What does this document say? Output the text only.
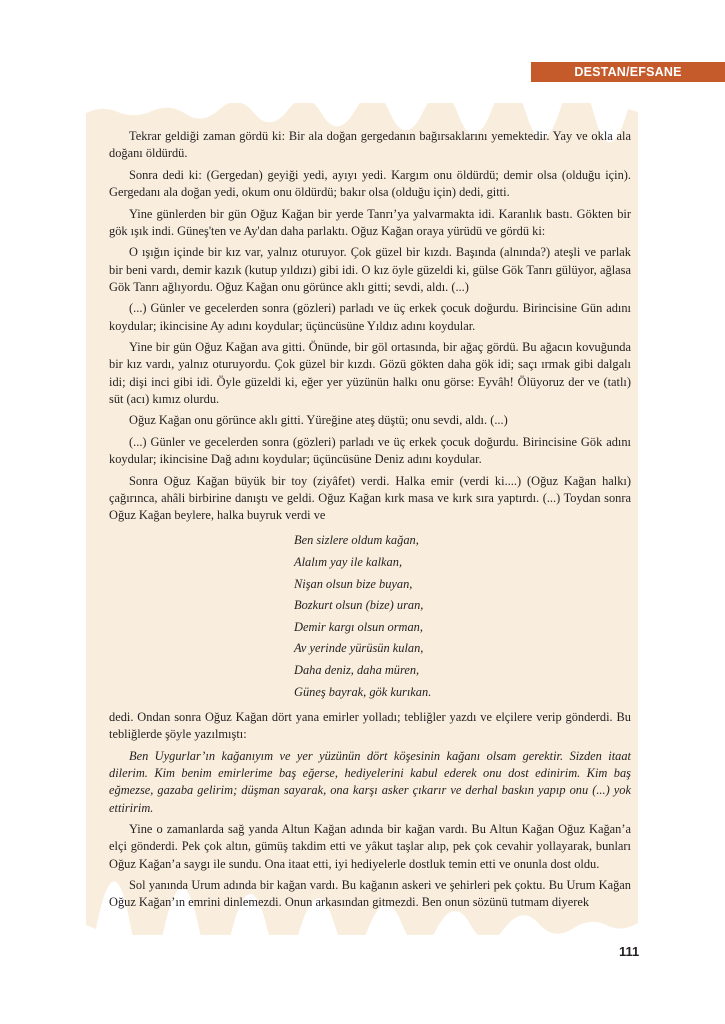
DESTAN/EFSANE

Tekrar geldiği zaman gördü ki: Bir ala doğan gergedanın bağırsaklarını yemektedir. Yay ve okla ala doğanı öldürdü.

Sonra dedi ki: (Gergedan) geyiği yedi, ayıyı yedi. Kargım onu öldürdü; demir olsa (olduğu için). Gergedanı ala doğan yedi, okum onu öldürdü; bakır olsa (olduğu için) dedi, gitti.

Yine günlerden bir gün Oğuz Kağan bir yerde Tanrı’ya yalvarmakta idi. Karanlık bastı. Gökten bir gök ışık indi. Güneş'ten ve Ay'dan daha parlaktı. Oğuz Kağan oraya yürüdü ve gördü ki:

O ışığın içinde bir kız var, yalnız oturuyor. Çok güzel bir kızdı. Başında (alnında?) ateşli ve parlak bir beni vardı, demir kazık (kutup yıldızı) gibi idi. O kız öyle güzeldi ki, gülse Gök Tanrı gülüyor, ağlasa Gök Tanrı ağlıyordu. Oğuz Kağan onu görünce aklı gitti; sevdi, aldı. (...)

(...) Günler ve gecelerden sonra (gözleri) parladı ve üç erkek çocuk doğurdu. Birincisine Gün adını koydular; ikincisine Ay adını koydular; üçüncüsüne Yıldız adını koydular.

Yine bir gün Oğuz Kağan ava gitti. Önünde, bir göl ortasında, bir ağaç gördü. Bu ağacın kovuğunda bir kız vardı, yalnız oturuyordu. Çok güzel bir kızdı. Gözü gökten daha gök idi; saçı ırmak gibi dalgalı idi; dişi inci gibi idi. Öyle güzeldi ki, eğer yer yüzünün halkı onu görse: Eyvâh! Ölüyoruz der ve (tatlı) süt (acı) kımız olurdu.

Oğuz Kağan onu görünce aklı gitti. Yüreğine ateş düştü; onu sevdi, aldı. (...)

(...) Günler ve gecelerden sonra (gözleri) parladı ve üç erkek çocuk doğurdu. Birincisine Gök adını koydular; ikincisine Dağ adını koydular; üçüncüsüne Deniz adını koydular.

Sonra Oğuz Kağan büyük bir toy (ziyâfet) verdi. Halka emir (verdi ki....) (Oğuz Kağan halkı) çağırınca, ahâli birbirine danıştı ve geldi. Oğuz Kağan kırk masa ve kırk sıra yaptırdı. (...) Toydan sonra Oğuz Kağan beylere, halka buyruk verdi ve

Ben sizlere oldum kağan,
Alalım yay ile kalkan,
Nişan olsun bize buyan,
Bozkurt olsun (bize) uran,
Demir kargı olsun orman,
Av yerinde yürüsün kulan,
Daha deniz, daha müren,
Güneş bayrak, gök kurıkan.

dedi. Ondan sonra Oğuz Kağan dört yana emirler yolladı; tebliğler yazdı ve elçilere verip gönderdi. Bu tebliğlerde şöyle yazılmıştı:

Ben Uygurlar’ın kağanıyım ve yer yüzünün dört köşesinin kağanı olsam gerektir. Sizden itaat dilerim. Kim benim emirlerime baş eğerse, hediyelerini kabul ederek onu dost edinirim. Kim baş eğmezse, gazaba gelirim; düşman sayarak, ona karşı asker çıkarır ve derhal baskın yapıp onu (...) yok ettiririm.

Yine o zamanlarda sağ yanda Altun Kağan adında bir kağan vardı. Bu Altun Kağan Oğuz Kağan’a elçi gönderdi. Pek çok altın, gümüş takdim etti ve yâkut taşlar alıp, pek çok cevahir yollayarak, bunları Oğuz Kağan’a saygı ile sundu. Ona itaat etti, iyi hediyelerle dostluk temin etti ve onunla dost oldu.

Sol yanında Urum adında bir kağan vardı. Bu kağanın askeri ve şehirleri pek çoktu. Bu Urum Kağan Oğuz Kağan’ın emrini dinlemezdi. Onun arkasından gitmezdi. Ben onun sözünü tutmam diyerek

111
